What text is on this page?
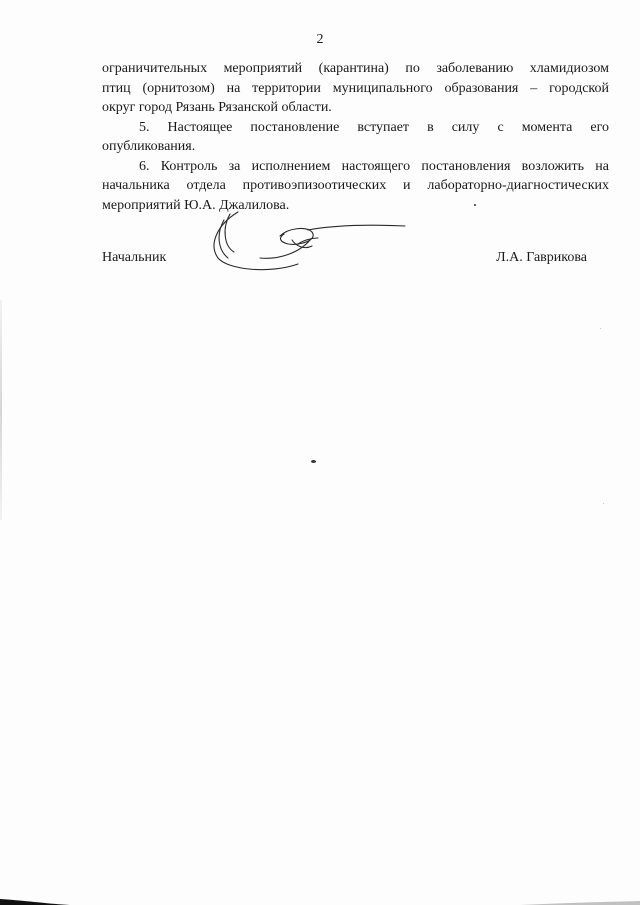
2

ограничительных мероприятий (карантина) по заболеванию хламидиозом
птиц (орнитозом) на территории муниципального образования – городской
округ город Рязань Рязанской области.

5. Настоящее постановление вступает в силу с момента его
опубликования.

6. Контроль за исполнением настоящего постановления возложить на
начальника отдела противоэпизоотических и лабораторно-диагностических
мероприятий Ю.А. Джалилова.

Начальник	Л.А. Гаврикова
